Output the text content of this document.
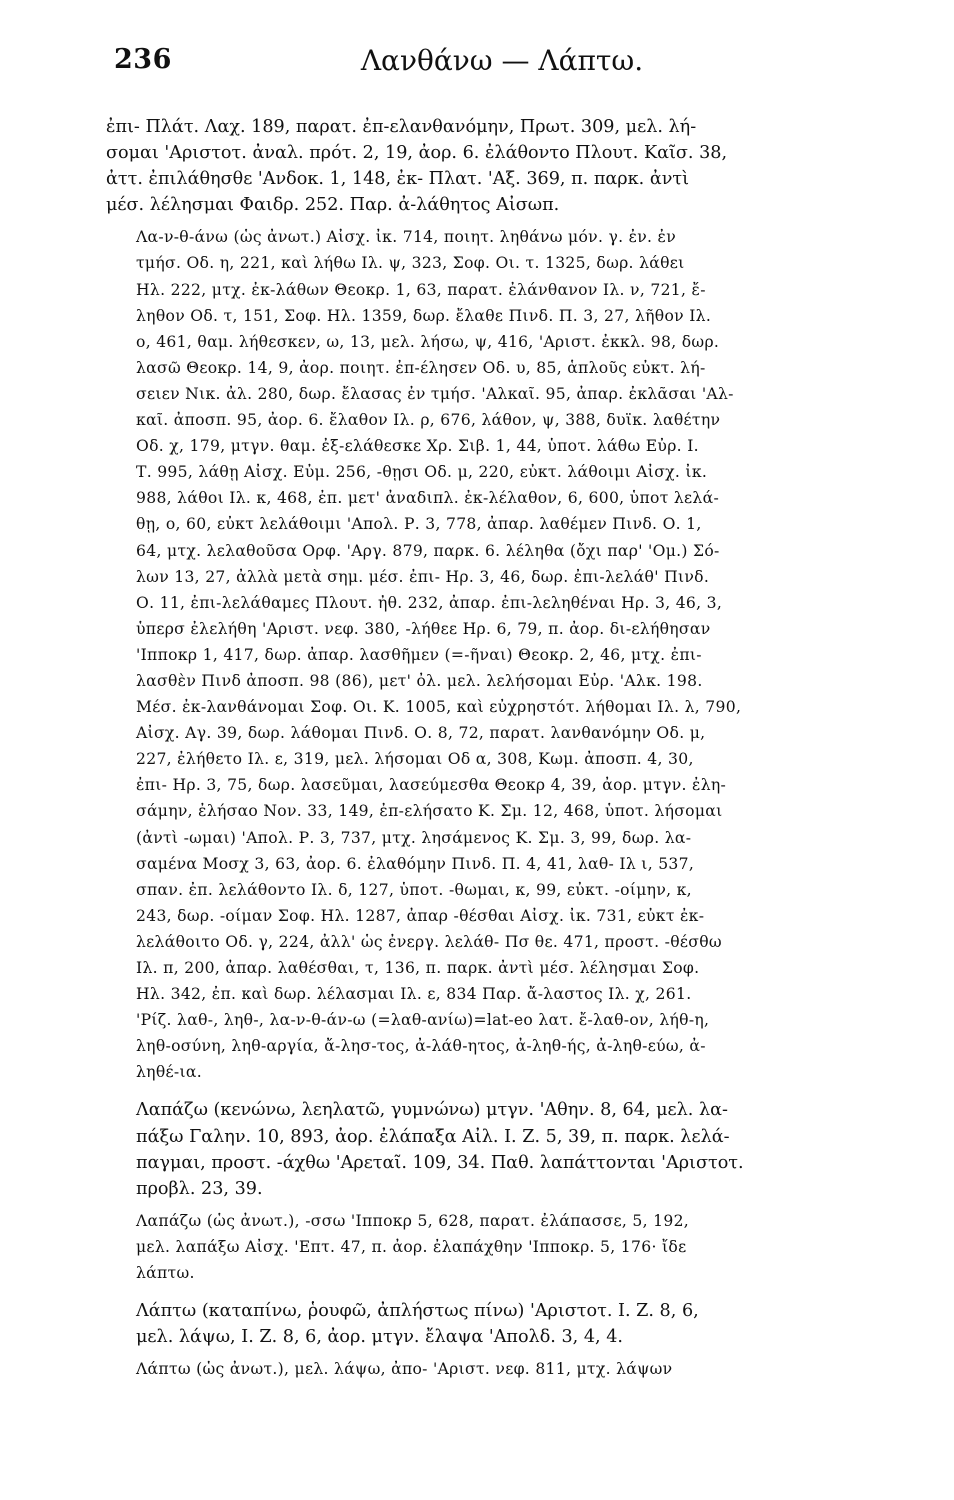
236	Λανθάνω — Λάπτω.

ἐπι- Πλάτ. Λαχ. 189, παρατ. ἐπ-ελανθανόμην, Πρωτ. 309, μελ. λή-
σομαι 'Αριστοτ. ἀναλ. πρότ. 2, 19, ἀορ. 6. ἐλάθοντο Πλουτ. Καῖσ. 38,
ἀττ. ἐπιλάθησθε 'Ανδοκ. 1, 148, ἐκ- Πλατ. 'Αξ. 369, π. παρκ. ἀντὶ
μέσ. λέλησμαι Φαιδρ. 252. Παρ. ἀ-λάθητος Αἰσωπ.

Λα-ν-θ-άνω (ὡς ἀνωτ.) Αἰσχ. ἰκ. 714, ποιητ. ληθάνω μόν. γ. ἐν. ἐν
τμήσ. Οδ. η, 221, καὶ λήθω Ιλ. ψ, 323, Σοφ. Οι. τ. 1325, δωρ. λάθει
Ηλ. 222, μτχ. ἐκ-λάθων Θεοκρ. 1, 63, παρατ. ἐλάνθανον Ιλ. ν, 721, ἔ-
ληθον Οδ. τ, 151, Σοφ. Ηλ. 1359, δωρ. ἔλαθε Πινδ. Π. 3, 27, λῆθον Ιλ.
ο, 461, θαμ. λήθεσκεν, ω, 13, μελ. λήσω, ψ, 416, 'Αριστ. ἐκκλ. 98, δωρ.
λασῶ Θεοκρ. 14, 9, ἀορ. ποιητ. ἐπ-έλησεν Οδ. υ, 85, ἁπλοῦς εὐκτ. λή-
σειεν Νικ. ἀλ. 280, δωρ. ἔλασας ἐν τμήσ. 'Αλκαῖ. 95, ἀπαρ. ἐκλᾶσαι 'Αλ-
καῖ. ἀποσπ. 95, ἀορ. 6. ἔλαθον Ιλ. ρ, 676, λάθον, ψ, 388, δυϊκ. λαθέτην
Οδ. χ, 179, μτγν. θαμ. ἐξ-ελάθεσκε Χρ. Σιβ. 1, 44, ὑποτ. λάθω Εὐρ. Ι.
Τ. 995, λάθῃ Αἰσχ. Εὐμ. 256, -θῃσι Οδ. μ, 220, εὐκτ. λάθοιμι Αἰσχ. ἰκ.
988, λάθοι Ιλ. κ, 468, ἐπ. μετ' ἀναδιπλ. ἐκ-λέλαθον, 6, 600, ὑποτ λελά-
θῃ, ο, 60, εὐκτ λελάθοιμι 'Απολ. Ρ. 3, 778, ἀπαρ. λαθέμεν Πινδ. Ο. 1,
64, μτχ. λελαθοῦσα Ορφ. 'Αργ. 879, παρκ. 6. λέληθα (ὄχι παρ' 'Ομ.) Σό-
λων 13, 27, ἀλλὰ μετὰ σημ. μέσ. ἐπι- Ηρ. 3, 46, δωρ. ἐπι-λελάθ' Πινδ.
Ο. 11, ἐπι-λελάθαμες Πλουτ. ἠθ. 232, ἀπαρ. ἐπι-λεληθέναι Ηρ. 3, 46, 3,
ὑπερσ ἐλελήθη 'Αριστ. νεφ. 380, -λήθεε Ηρ. 6, 79, π. ἀορ. δι-ελήθησαν
'Ιπποκρ 1, 417, δωρ. ἀπαρ. λασθῆμεν (=-ῆναι) Θεοκρ. 2, 46, μτχ. ἐπι-
λασθὲν Πινδ ἀποσπ. 98 (86), μετ' ὀλ. μελ. λελήσομαι Εὐρ. 'Αλκ. 198.
Μέσ. ἐκ-λανθάνομαι Σοφ. Οι. Κ. 1005, καὶ εὐχρηστότ. λήθομαι Ιλ. λ, 790,
Αἰσχ. Αγ. 39, δωρ. λάθομαι Πινδ. Ο. 8, 72, παρατ. λανθανόμην Οδ. μ,
227, ἐλήθετο Ιλ. ε, 319, μελ. λήσομαι Οδ α, 308, Κωμ. ἀποσπ. 4, 30,
ἐπι- Ηρ. 3, 75, δωρ. λασεῦμαι, λασεύμεσθα Θεοκρ 4, 39, ἀορ. μτγν. ἐλη-
σάμην, ἐλήσαο Νον. 33, 149, ἐπ-ελήσατο Κ. Σμ. 12, 468, ὑποτ. λήσομαι
(ἀντὶ -ωμαι) 'Απολ. Ρ. 3, 737, μτχ. λησάμενος Κ. Σμ. 3, 99, δωρ. λα-
σαμένα Μοσχ 3, 63, ἀορ. 6. ἐλαθόμην Πινδ. Π. 4, 41, λαθ- Ιλ ι, 537,
σπαν. ἐπ. λελάθοντο Ιλ. δ, 127, ὑποτ. -θωμαι, κ, 99, εὐκτ. -οίμην, κ,
243, δωρ. -οίμαν Σοφ. Ηλ. 1287, ἀπαρ -θέσθαι Αἰσχ. ἰκ. 731, εὐκτ ἐκ-
λελάθοιτο Οδ. γ, 224, ἀλλ' ὡς ἐνεργ. λελάθ- Πσ θε. 471, προστ. -θέσθω
Ιλ. π, 200, ἀπαρ. λαθέσθαι, τ, 136, π. παρκ. ἀντὶ μέσ. λέλησμαι Σοφ.
Ηλ. 342, ἐπ. καὶ δωρ. λέλασμαι Ιλ. ε, 834 Παρ. ἄ-λαστος Ιλ. χ, 261.
'Ρίζ. λαθ-, ληθ-, λα-ν-θ-άν-ω (=λαθ-ανίω)=lat-eo λατ. ἔ-λαθ-ον, λήθ-η,
ληθ-οσύνη, ληθ-αργία, ἄ-λησ-τος, ἀ-λάθ-ητος, ἀ-ληθ-ής, ἀ-ληθ-εύω, ἀ-
ληθέ-ια.

Λαπάζω (κενώνω, λεηλατῶ, γυμνώνω) μτγν. 'Αθην. 8, 64, μελ. λα-
πάξω Γαλην. 10, 893, ἀορ. ἐλάπαξα Αἰλ. Ι. Ζ. 5, 39, π. παρκ. λελά-
παγμαι, προστ. -άχθω 'Αρεταῖ. 109, 34. Παθ. λαπάττονται 'Αριστοτ.
προβλ. 23, 39.

Λαπάζω (ὡς ἀνωτ.), -σσω 'Ιπποκρ 5, 628, παρατ. ἐλάπασσε, 5, 192,
μελ. λαπάξω Αἰσχ. 'Επτ. 47, π. ἀορ. ἐλαπάχθην 'Ιπποκρ. 5, 176· ἴδε
λάπτω.

Λάπτω (καταπίνω, ῥουφῶ, ἀπλήστως πίνω) 'Αριστοτ. Ι. Ζ. 8, 6,
μελ. λάψω, Ι. Ζ. 8, 6, ἀορ. μτγν. ἔλαψα 'Απολδ. 3, 4, 4.

Λάπτω (ὡς ἀνωτ.), μελ. λάψω, ἀπο- 'Αριστ. νεφ. 811, μτχ. λάψων
